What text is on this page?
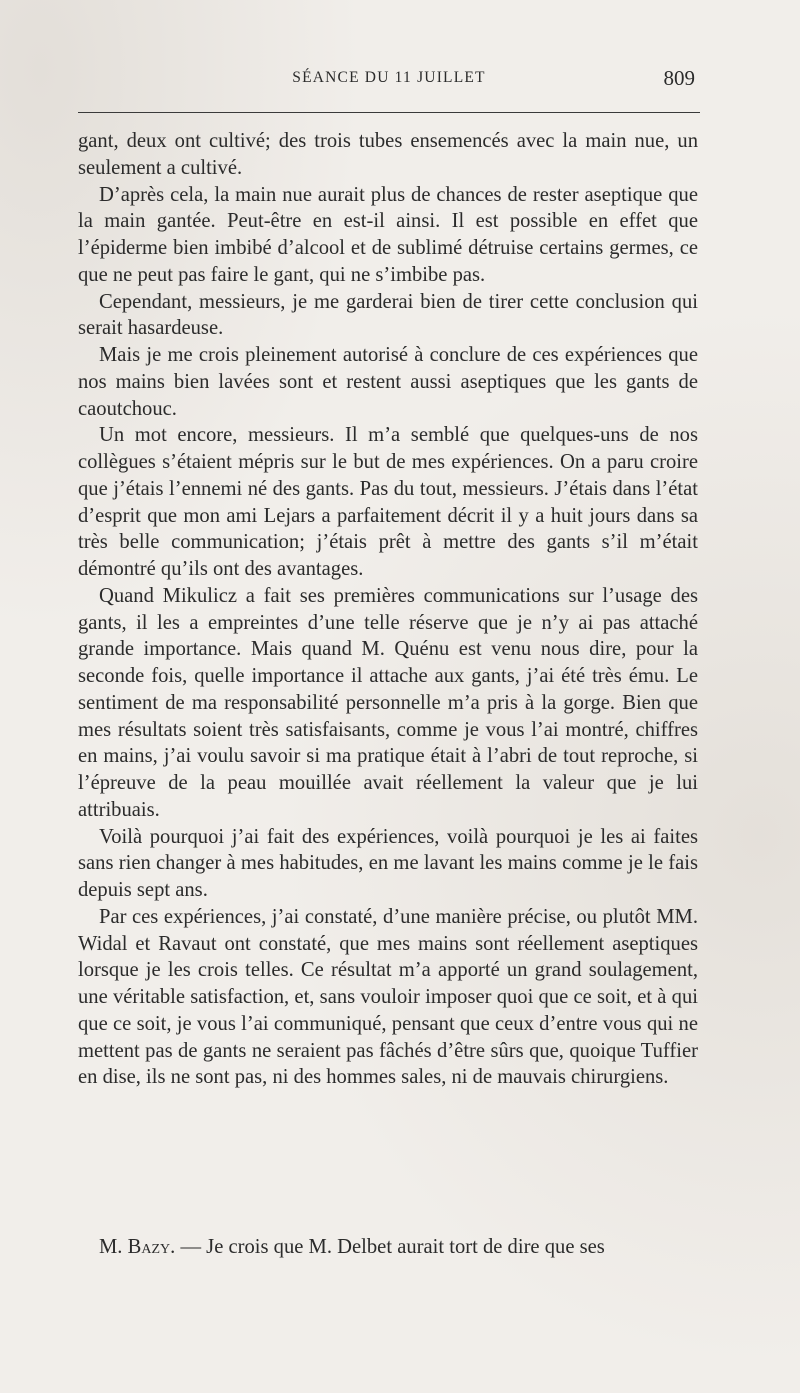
SÉANCE DU 11 JUILLET	809

gant, deux ont cultivé; des trois tubes ensemencés avec la main nue, un seulement a cultivé.

D’après cela, la main nue aurait plus de chances de rester aseptique que la main gantée. Peut-être en est-il ainsi. Il est possible en effet que l’épiderme bien imbibé d’alcool et de sublimé détruise certains germes, ce que ne peut pas faire le gant, qui ne s’imbibe pas.

Cependant, messieurs, je me garderai bien de tirer cette conclusion qui serait hasardeuse.

Mais je me crois pleinement autorisé à conclure de ces expériences que nos mains bien lavées sont et restent aussi aseptiques que les gants de caoutchouc.

Un mot encore, messieurs. Il m’a semblé que quelques-uns de nos collègues s’étaient mépris sur le but de mes expériences. On a paru croire que j’étais l’ennemi né des gants. Pas du tout, messieurs. J’étais dans l’état d’esprit que mon ami Lejars a parfaitement décrit il y a huit jours dans sa très belle communication; j’étais prêt à mettre des gants s’il m’était démontré qu’ils ont des avantages.

Quand Mikulicz a fait ses premières communications sur l’usage des gants, il les a empreintes d’une telle réserve que je n’y ai pas attaché grande importance. Mais quand M. Quénu est venu nous dire, pour la seconde fois, quelle importance il attache aux gants, j’ai été très ému. Le sentiment de ma responsabilité personnelle m’a pris à la gorge. Bien que mes résultats soient très satisfaisants, comme je vous l’ai montré, chiffres en mains, j’ai voulu savoir si ma pratique était à l’abri de tout reproche, si l’épreuve de la peau mouillée avait réellement la valeur que je lui attribuais.

Voilà pourquoi j’ai fait des expériences, voilà pourquoi je les ai faites sans rien changer à mes habitudes, en me lavant les mains comme je le fais depuis sept ans.

Par ces expériences, j’ai constaté, d’une manière précise, ou plutôt MM. Widal et Ravaut ont constaté, que mes mains sont réellement aseptiques lorsque je les crois telles. Ce résultat m’a apporté un grand soulagement, une véritable satisfaction, et, sans vouloir imposer quoi que ce soit, et à qui que ce soit, je vous l’ai communiqué, pensant que ceux d’entre vous qui ne mettent pas de gants ne seraient pas fâchés d’être sûrs que, quoique Tuffier en dise, ils ne sont pas, ni des hommes sales, ni de mauvais chirurgiens.

M. Bazy. — Je crois que M. Delbet aurait tort de dire que ses
